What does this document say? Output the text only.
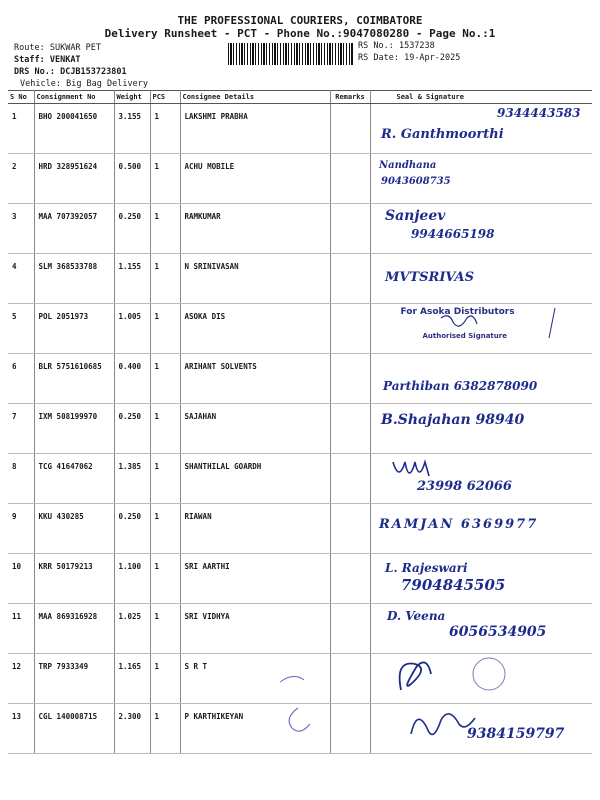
THE PROFESSIONAL COURIERS, COIMBATORE
Delivery Runsheet - PCT - Phone No.:9047080280 - Page No.:1
Route: SUKWAR PET
Staff: VENKAT
DRS No.: DCJB153723801
Vehicle: Big Bag Delivery
RS No.: 1537238
RS Date: 19-Apr-2025
S No	Consignment No	Weight	PCS	Consignee Details	Remarks	Seal & Signature
1	BHO 200041650	3.155	1	LAKSHMI PRABHA		9344443583
R. Ganthmoorthi

2	HRD 328951624	0.500	1	ACHU MOBILE		Nandhana
9043608735

3	MAA 707392057	0.250	1	RAMKUMAR		Sanjeev
9944665198

4	SLM 368533788	1.155	1	N SRINIVASAN		MVTSRIVAS

5	POL 2051973	1.005	1	ASOKA DIS		For Asoka Distributors
Authorised Signature

6	BLR 5751610685	0.400	1	ARIHANT SOLVENTS		Parthiban 6382878090

7	IXM 508199970	0.250	1	SAJAHAN		B.Shajahan 98940

8	TCG 41647062	1.385	1	SHANTHILAL GOARDH		23998 62066

9	KKU 430285	0.250	1	RIAWAN		RAMJAN 6369977

10	KRR 50179213	1.100	1	SRI AARTHI		L. Rajeswari
7904845505

11	MAA 869316928	1.025	1	SRI VIDHYA		D. Veena
6056534905

12	TRP 7933349	1.165	1	S R T		

13	CGL 140008715	2.300	1	P KARTHIKEYAN		9384159797
